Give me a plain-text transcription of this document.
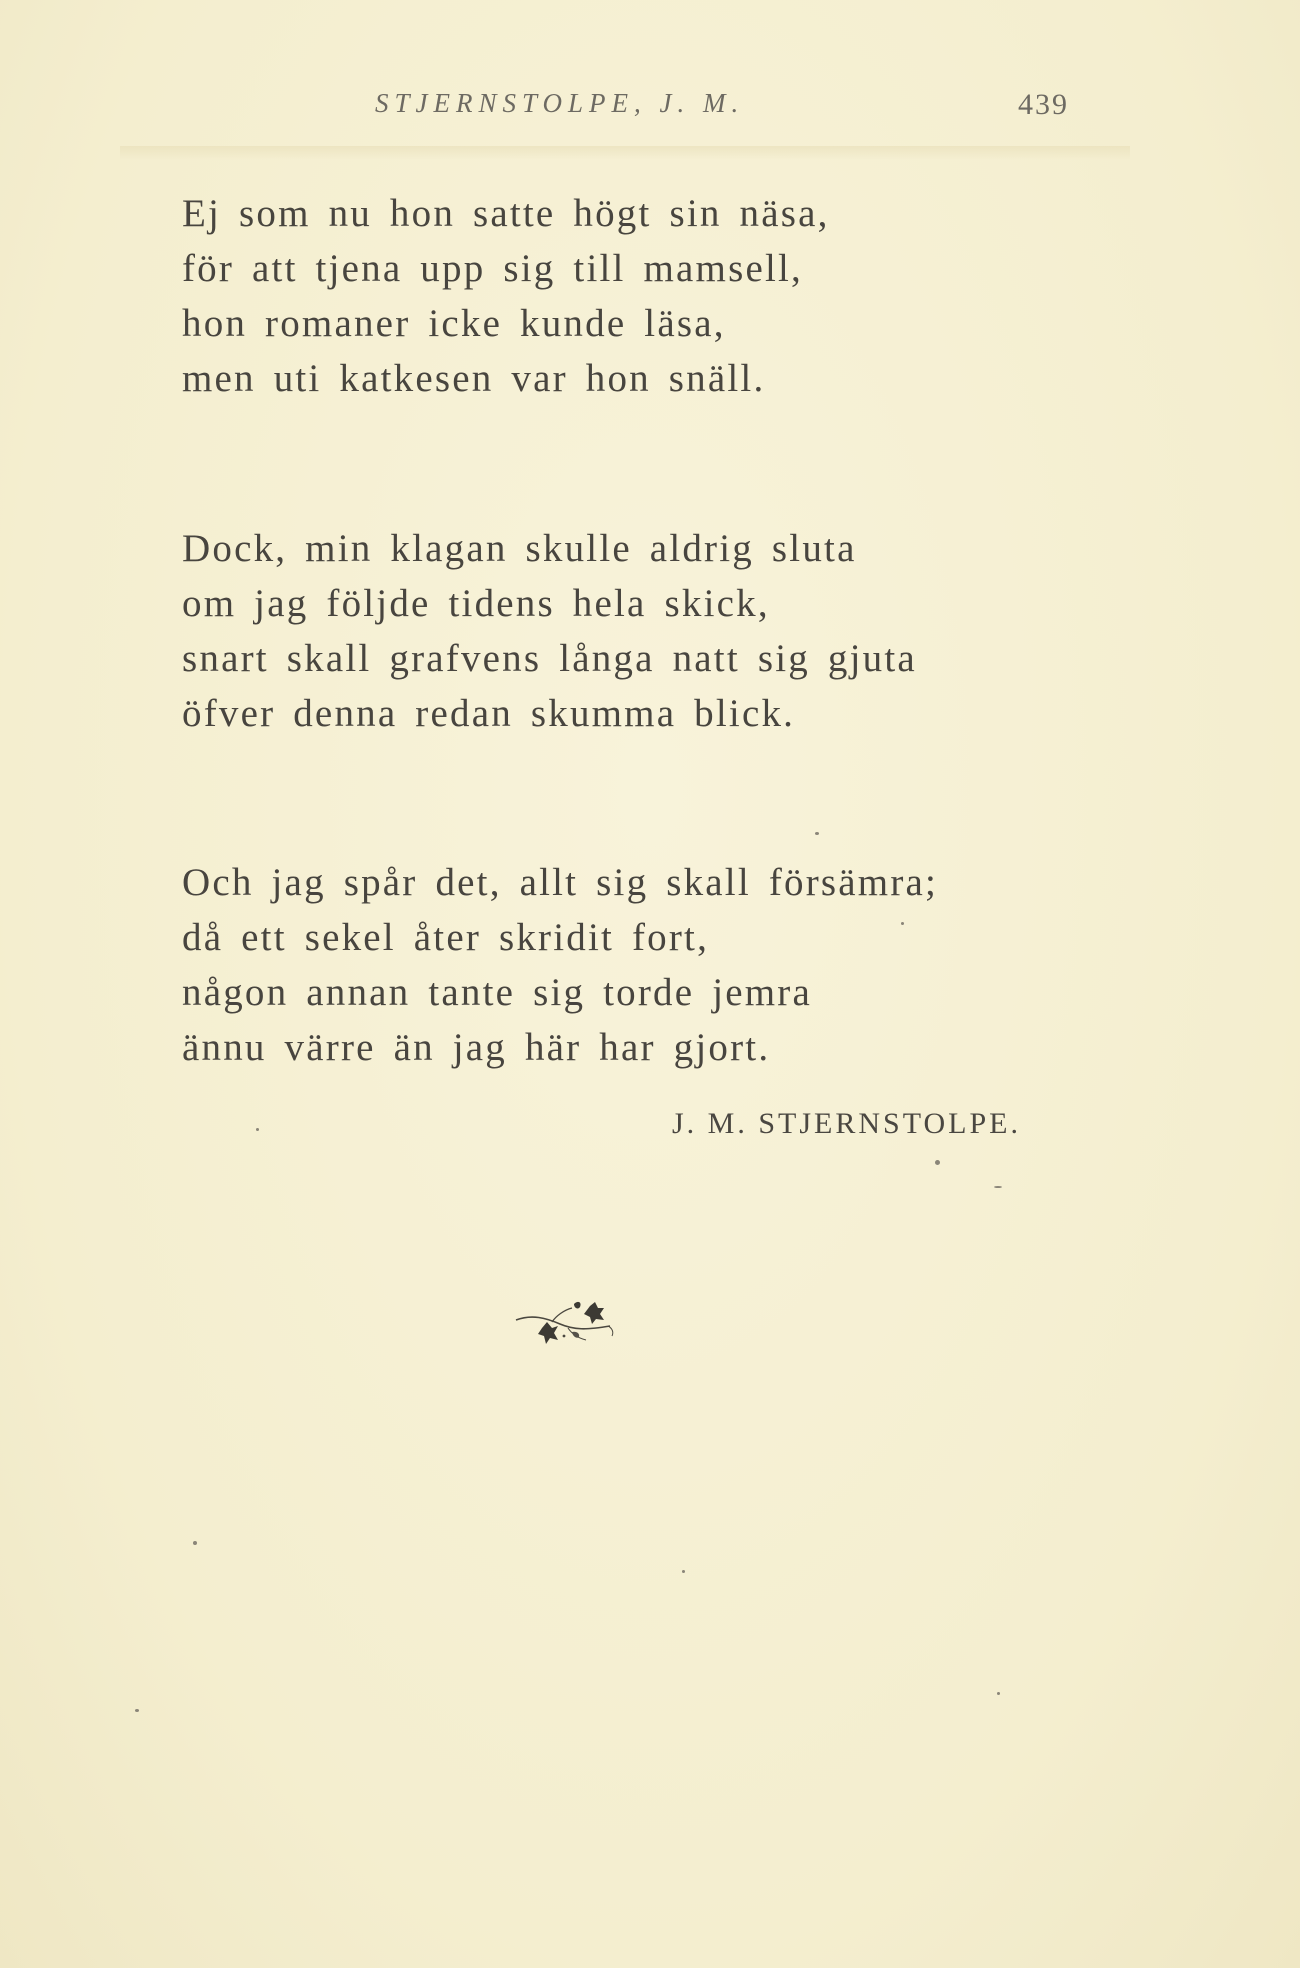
STJERNSTOLPE, J. M.	439
Ej som nu hon satte högt sin näsa,
för att tjena upp sig till mamsell,
hon romaner icke kunde läsa,
men uti katkesen var hon snäll.
Dock, min klagan skulle aldrig sluta
om jag följde tidens hela skick,
snart skall grafvens långa natt sig gjuta
öfver denna redan skumma blick.
Och jag spår det, allt sig skall försämra;
då ett sekel åter skridit fort,
någon annan tante sig torde jemra
ännu värre än jag här har gjort.
J. M. STJERNSTOLPE.
